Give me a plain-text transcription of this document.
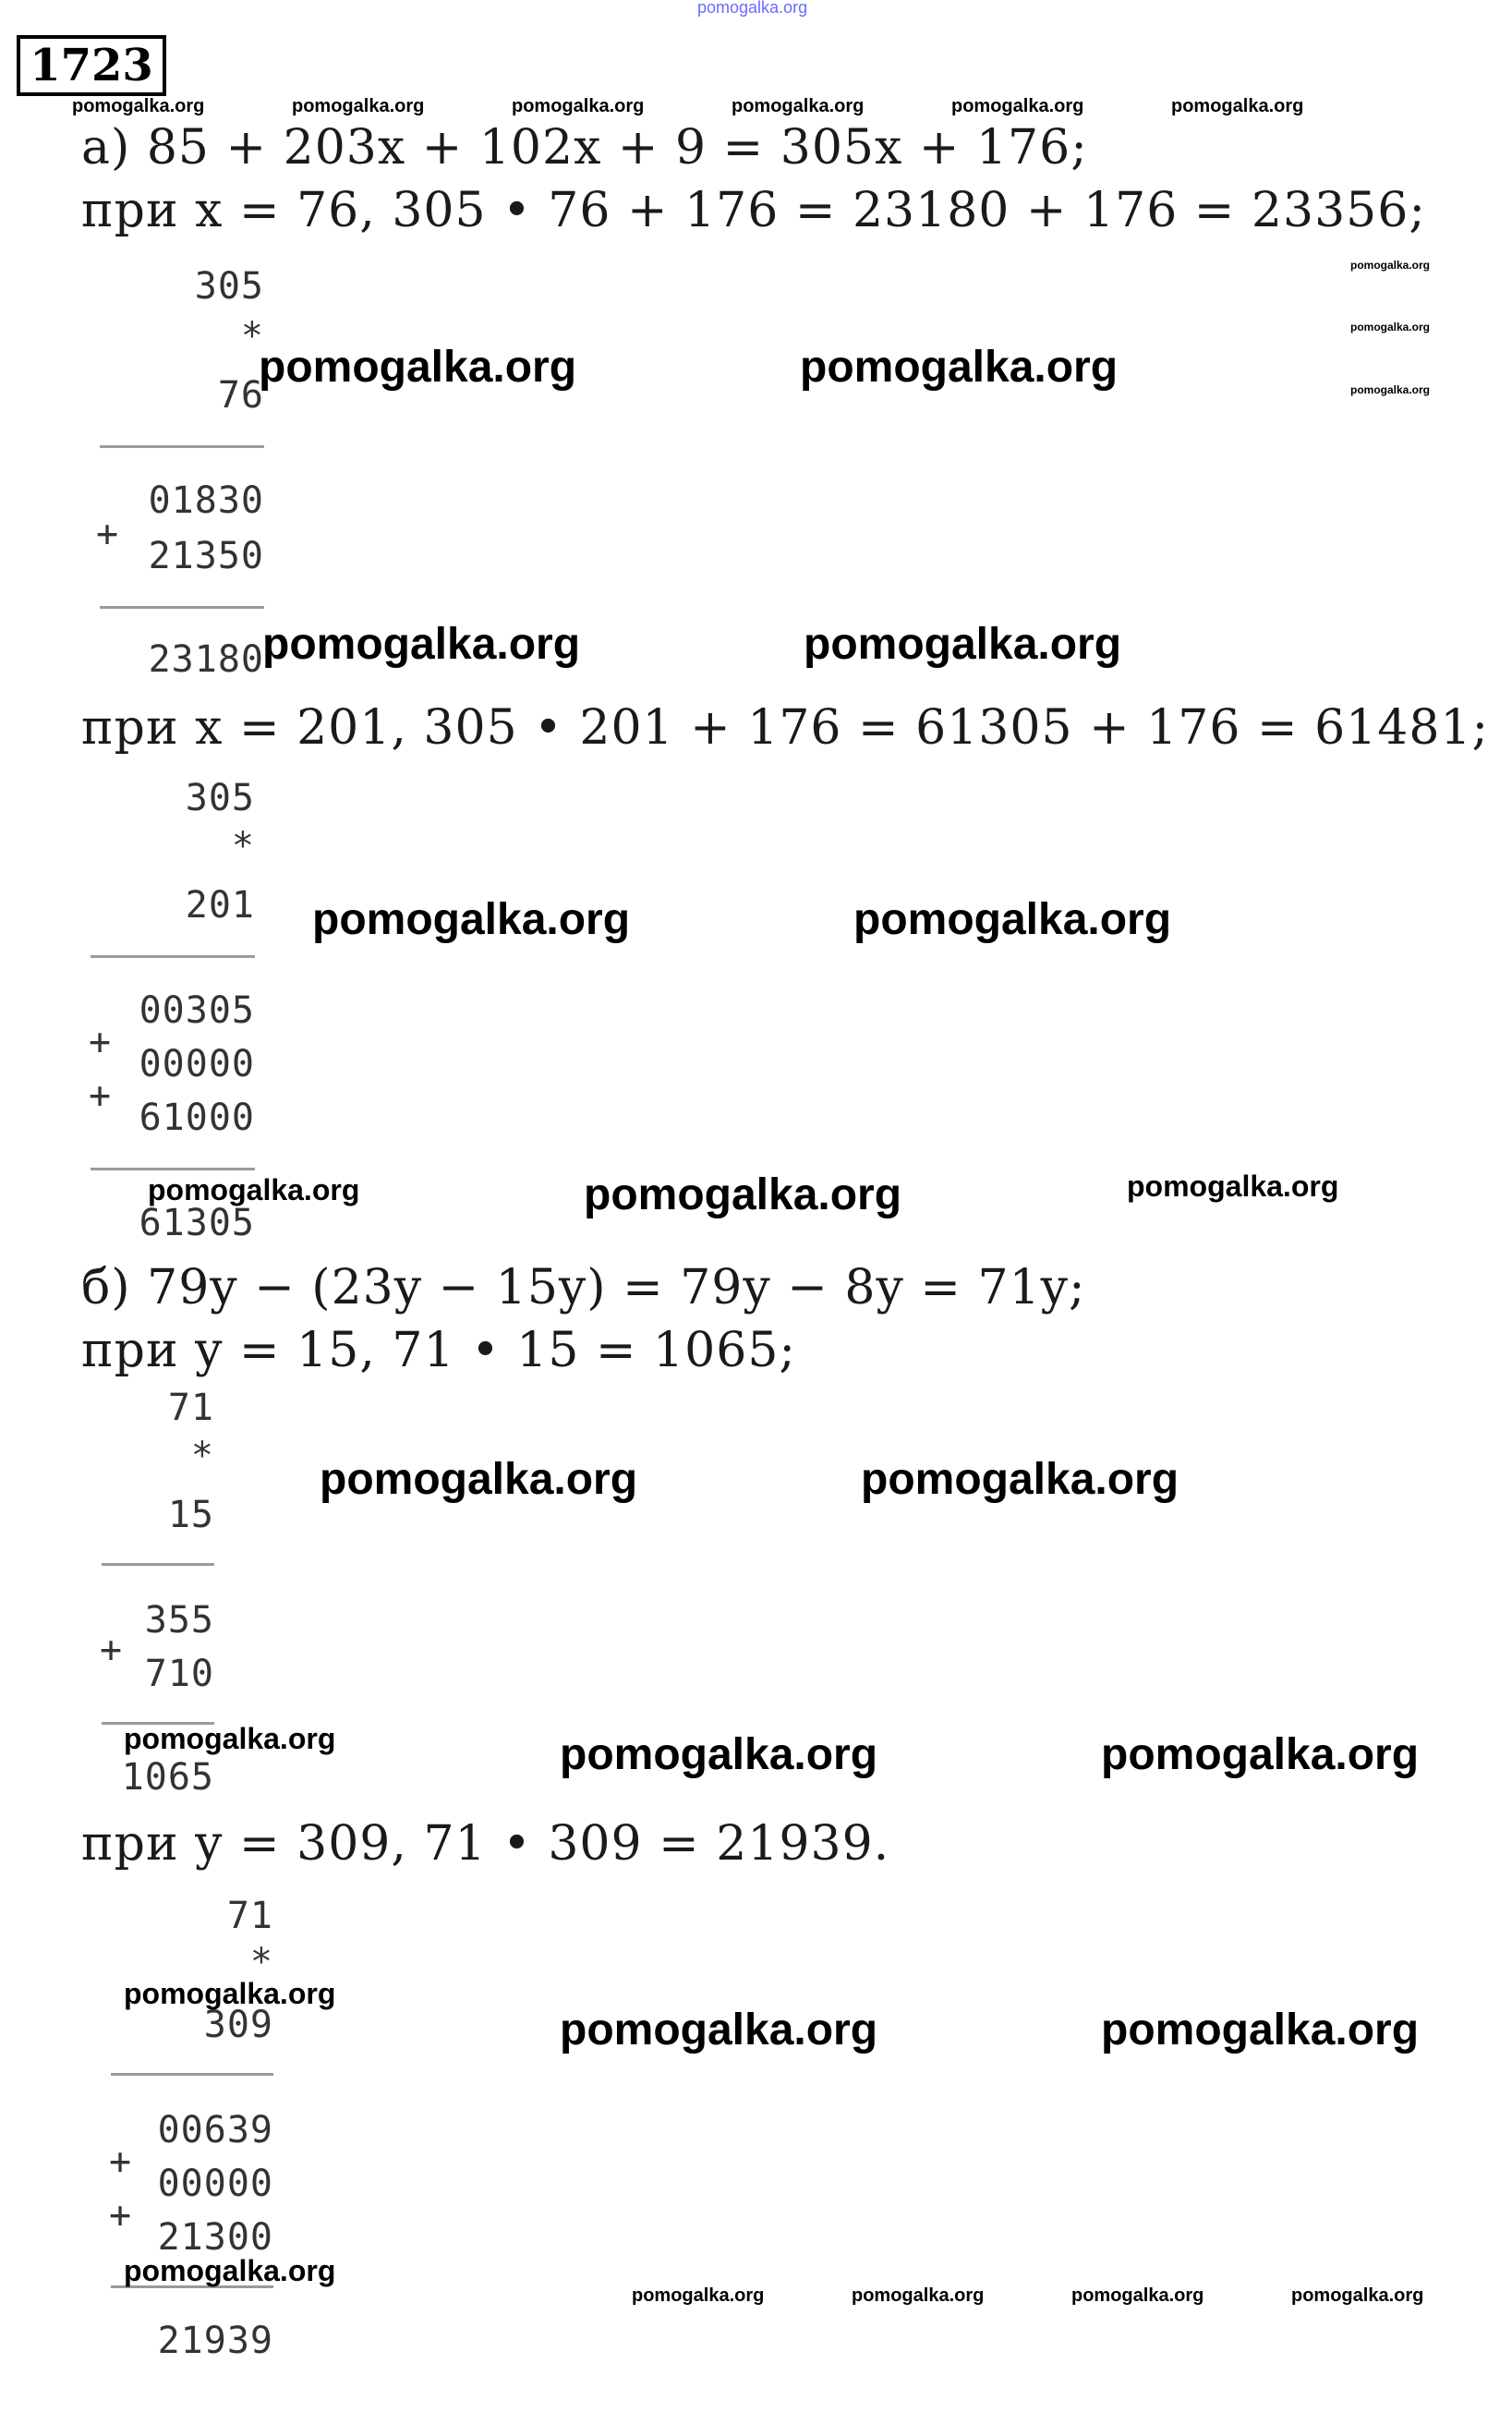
pomogalka.org
1723
pomogalka.org	pomogalka.org	pomogalka.org	pomogalka.org	pomogalka.org	pomogalka.org
а) 85 + 203x + 102x + 9 = 305x + 176;
при x = 76, 305 • 76 + 176 = 23180 + 176 = 23356;
pomogalka.org
pomogalka.org
pomogalka.org
305
*
76
01830
+
21350
23180
pomogalka.org	pomogalka.org
pomogalka.org	pomogalka.org
при x = 201, 305 • 201 + 176 = 61305 + 176 = 61481;
305
*
201
00305
+
00000
+
61000
61305
pomogalka.org	pomogalka.org
pomogalka.org	pomogalka.org	pomogalka.org
б) 79y − (23y − 15y) = 79y − 8y = 71y;
при y = 15, 71 • 15 = 1065;
71
*
15
355
+
710
1065
pomogalka.org	pomogalka.org
pomogalka.org	pomogalka.org	pomogalka.org
при y = 309, 71 • 309 = 21939.
71
*
309
00639
+
00000
+
21300
21939
pomogalka.org
pomogalka.org	pomogalka.org
pomogalka.org
pomogalka.org	pomogalka.org	pomogalka.org	pomogalka.org
